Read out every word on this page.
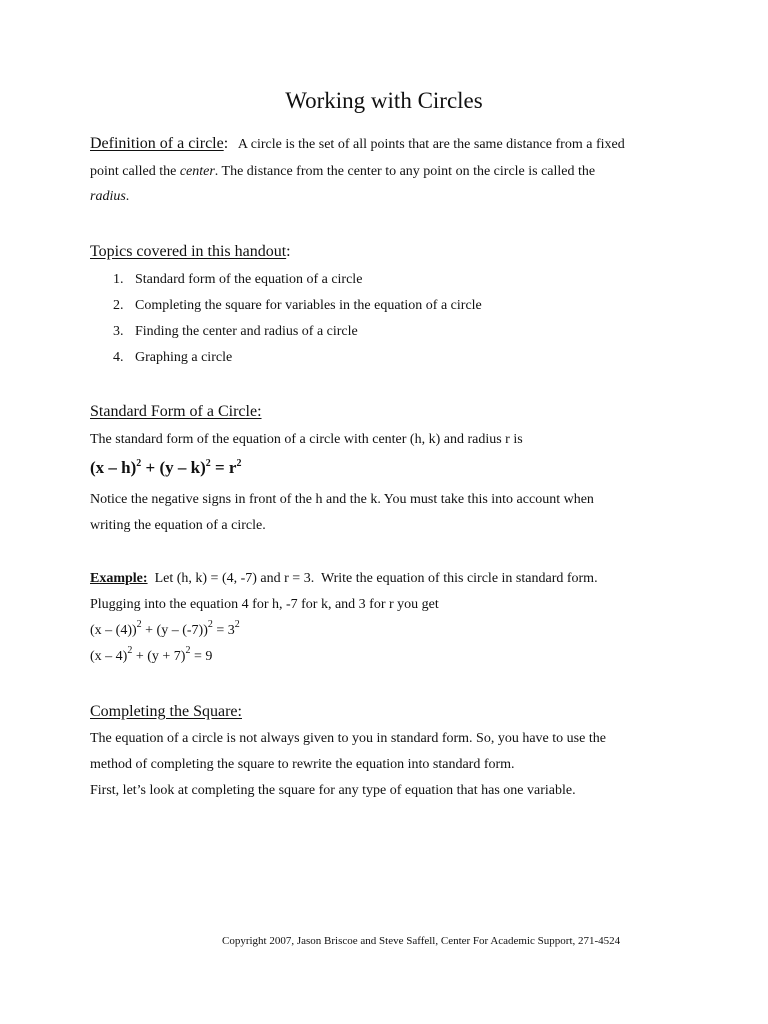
Working with Circles
Definition of a circle: A circle is the set of all points that are the same distance from a fixed
point called the center. The distance from the center to any point on the circle is called the
radius.
Topics covered in this handout:
1. Standard form of the equation of a circle
2. Completing the square for variables in the equation of a circle
3. Finding the center and radius of a circle
4. Graphing a circle
Standard Form of a Circle:
The standard form of the equation of a circle with center (h, k) and radius r is
$(x - h)^2 + (y - k)^2 = r^2$
Notice the negative signs in front of the h and the k. You must take this into account when
writing the equation of a circle.
Example:  Let (h, k) = (4, -7) and r = 3.  Write the equation of this circle in standard form.
Plugging into the equation 4 for h, -7 for k, and 3 for r you get
$(x - (4))^2 + (y - (-7))^2 = 3^2$
$(x - 4)^2 + (y + 7)^2 = 9$
Completing the Square:
The equation of a circle is not always given to you in standard form. So, you have to use the
method of completing the square to rewrite the equation into standard form.
First, let’s look at completing the square for any type of equation that has one variable.
Copyright 2007, Jason Briscoe and Steve Saffell, Center For Academic Support, 271-4524
